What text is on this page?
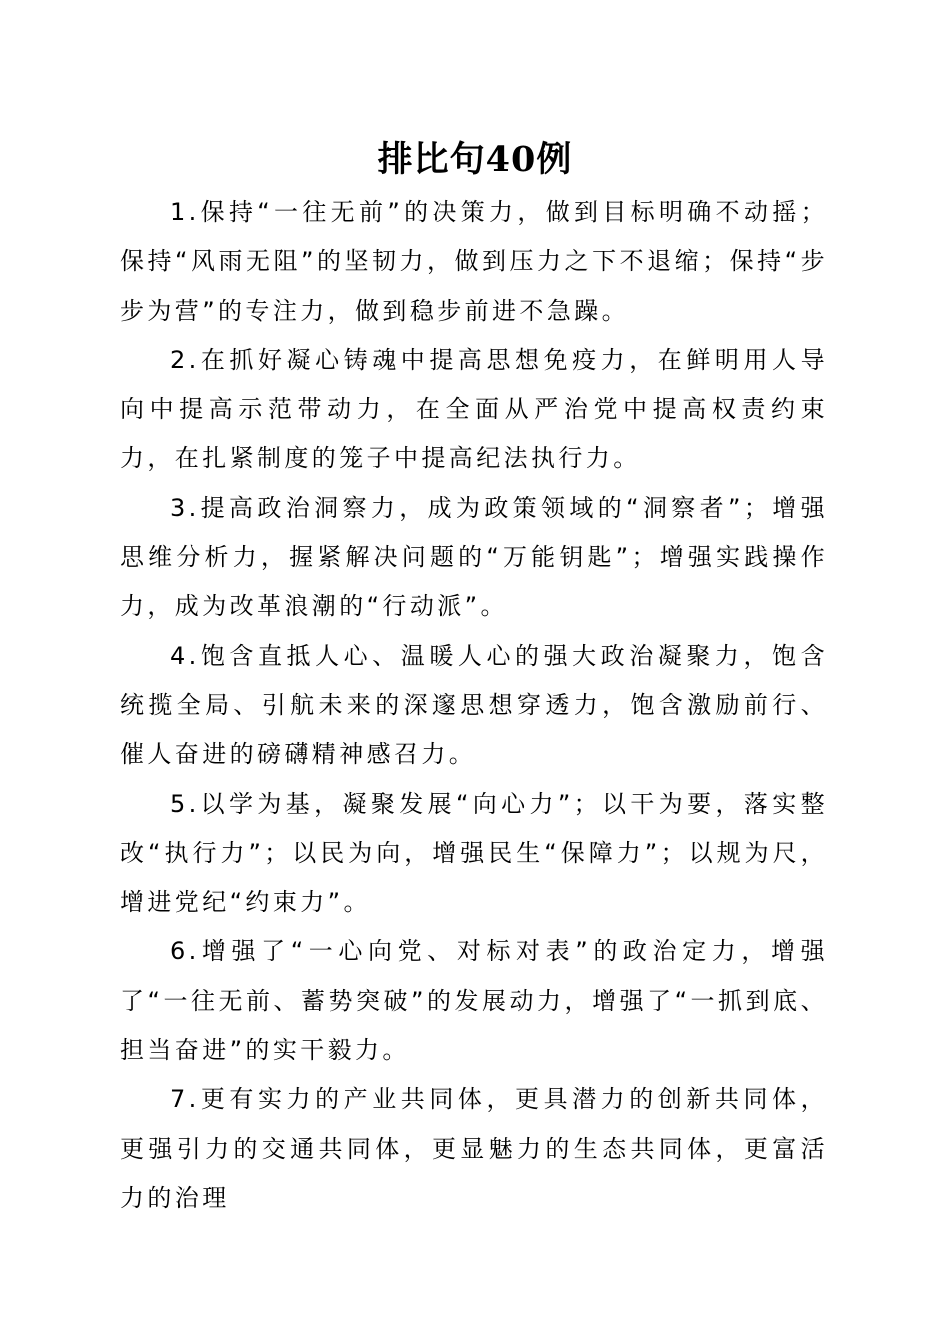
排比句40例

1.保持“一往无前”的决策力，做到目标明确不动摇；保持“风雨无阻”的坚韧力，做到压力之下不退缩；保持“步步为营”的专注力，做到稳步前进不急躁。

2.在抓好凝心铸魂中提高思想免疫力，在鲜明用人导向中提高示范带动力，在全面从严治党中提高权责约束力，在扎紧制度的笼子中提高纪法执行力。

3.提高政治洞察力，成为政策领域的“洞察者”；增强思维分析力，握紧解决问题的“万能钥匙”；增强实践操作力，成为改革浪潮的“行动派”。

4.饱含直抵人心、温暖人心的强大政治凝聚力，饱含统揽全局、引航未来的深邃思想穿透力，饱含激励前行、催人奋进的磅礴精神感召力。

5.以学为基，凝聚发展“向心力”；以干为要，落实整改“执行力”；以民为向，增强民生“保障力”；以规为尺，增进党纪“约束力”。

6.增强了“一心向党、对标对表”的政治定力，增强了“一往无前、蓄势突破”的发展动力，增强了“一抓到底、担当奋进”的实干毅力。

7.更有实力的产业共同体，更具潜力的创新共同体，更强引力的交通共同体，更显魅力的生态共同体，更富活力的治理
